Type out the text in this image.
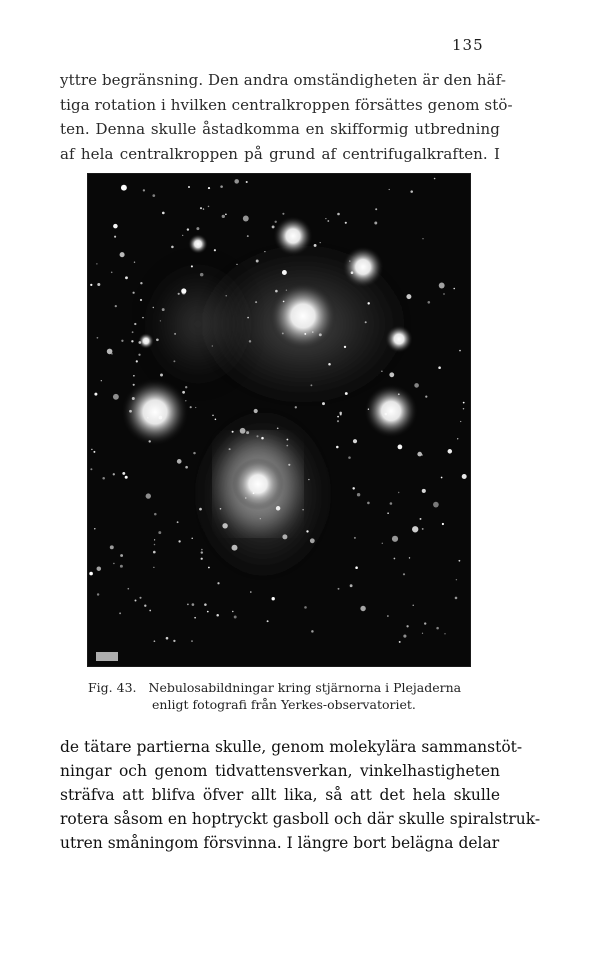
135
yttre begränsning. Den andra omständigheten är den häf-
tiga rotation i hvilken centralkroppen försättes genom stö-
ten. Denna skulle åstadkomma en skifformig utbredning
af hela centralkroppen på grund af centrifugalkraften. I
Fig. 43. Nebulosabildningar kring stjärnorna i Plejaderna
enligt fotografi från Yerkes-observatoriet.
de tätare partierna skulle, genom molekylära sammanstöt-
ningar och genom tidvattensverkan, vinkelhastigheten
sträfva att blifva öfver allt lika, så att det hela skulle
rotera såsom en hoptryckt gasboll och där skulle spiralstruk-
utren småningom försvinna. I längre bort belägna delar
